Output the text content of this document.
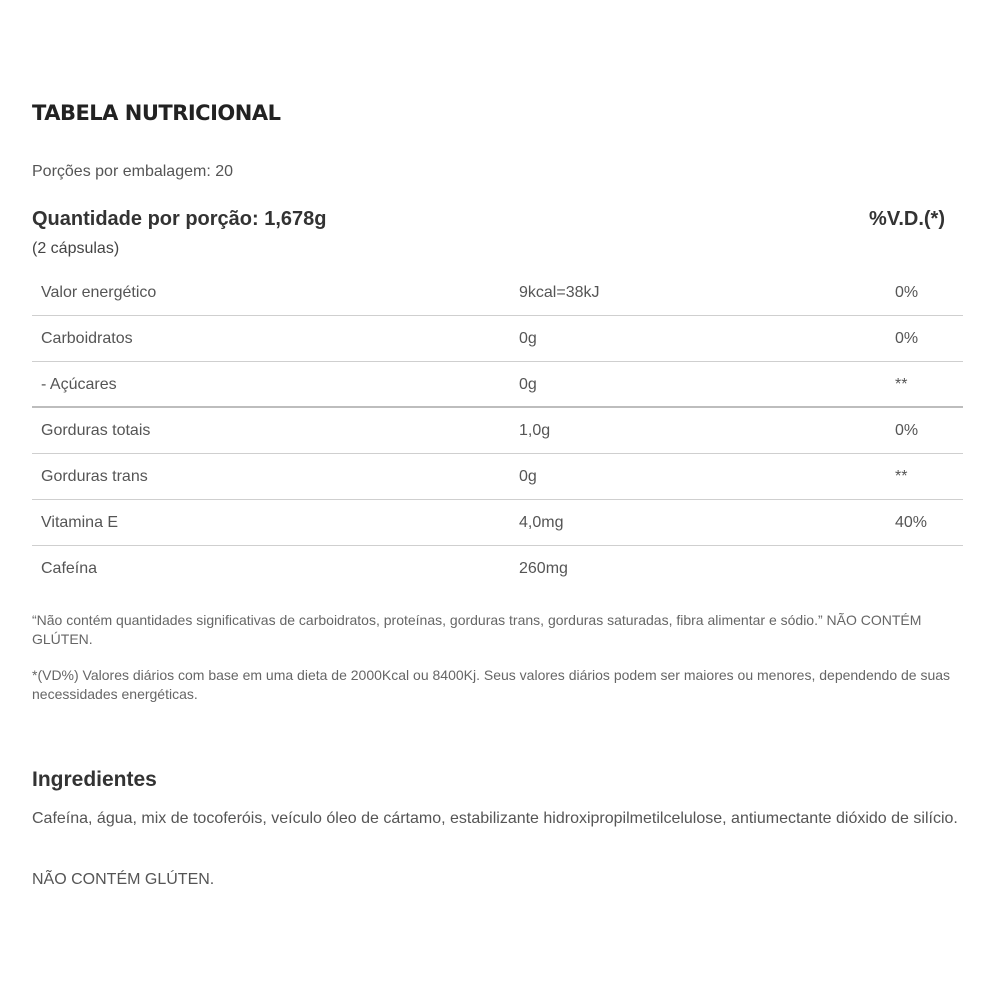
TABELA NUTRICIONAL
Porções por embalagem: 20
Quantidade por porção: 1,678g	%V.D.(*)
(2 cápsulas)
Valor energético	9kcal=38kJ	0%
Carboidratos	0g	0%
- Açúcares	0g	**
Gorduras totais	1,0g	0%
Gorduras trans	0g	**
Vitamina E	4,0mg	40%
Cafeína	260mg
“Não contém quantidades significativas de carboidratos, proteínas, gorduras trans, gorduras saturadas, fibra alimentar e sódio.” NÃO CONTÉM GLÚTEN.
*(VD%) Valores diários com base em uma dieta de 2000Kcal ou 8400Kj. Seus valores diários podem ser maiores ou menores, dependendo de suas necessidades energéticas.
Ingredientes
Cafeína, água, mix de tocoferóis, veículo óleo de cártamo, estabilizante hidroxipropilmetilcelulose, antiumectante dióxido de silício.
NÃO CONTÉM GLÚTEN.
